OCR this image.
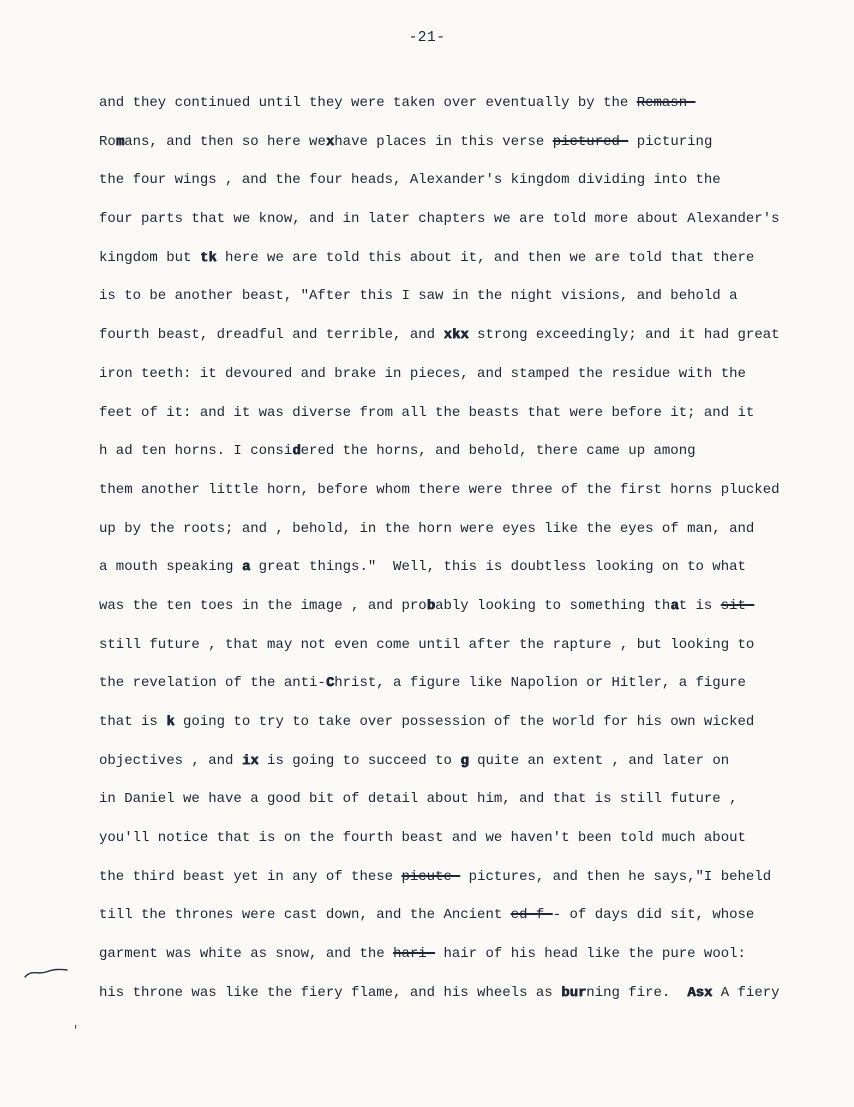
-21-
and they continued until they were taken over eventually by the Remasn-
Romans, and then so here wexhave places in this verse pictured- picturing
the four wings , and the four heads, Alexander's kingdom dividing into the
four parts that we know, and in later chapters we are told more about Alexander's
kingdom but tk here we are told this about it, and then we are told that there
is to be another beast, "After this I saw in the night visions, and behold a
fourth beast, dreadful and terrible, and xkx strong exceedingly; and it had great
iron teeth: it devoured and brake in pieces, and stamped the residue with the
feet of it: and it was diverse from all the beasts that were before it; and it
h ad ten horns. I considered the horns, and behold, there came up among
them another little horn, before whom there were three of the first horns plucked
up by the roots; and , behold, in the horn were eyes like the eyes of man, and
a mouth speaking a great things."  Well, this is doubtless looking on to what
was the ten toes in the image , and probably looking to something that is sit-
still future , that may not even come until after the rapture , but looking to
the revelation of the anti-Christ, a figure like Napolion or Hitler, a figure
that is k going to try to take over possession of the world for his own wicked
objectives , and ix is going to succeed to g quite an extent , and later on
in Daniel we have a good bit of detail about him, and that is still future ,
you'll notice that is on the fourth beast and we haven't been told much about
the third beast yet in any of these picute- pictures, and then he says,"I beheld
till the thrones were cast down, and the Ancient ed-f-- of days did sit, whose
garment was white as snow, and the hari- hair of his head like the pure wool:
his throne was like the fiery flame, and his wheels as burning fire.  Asx A fiery
'
